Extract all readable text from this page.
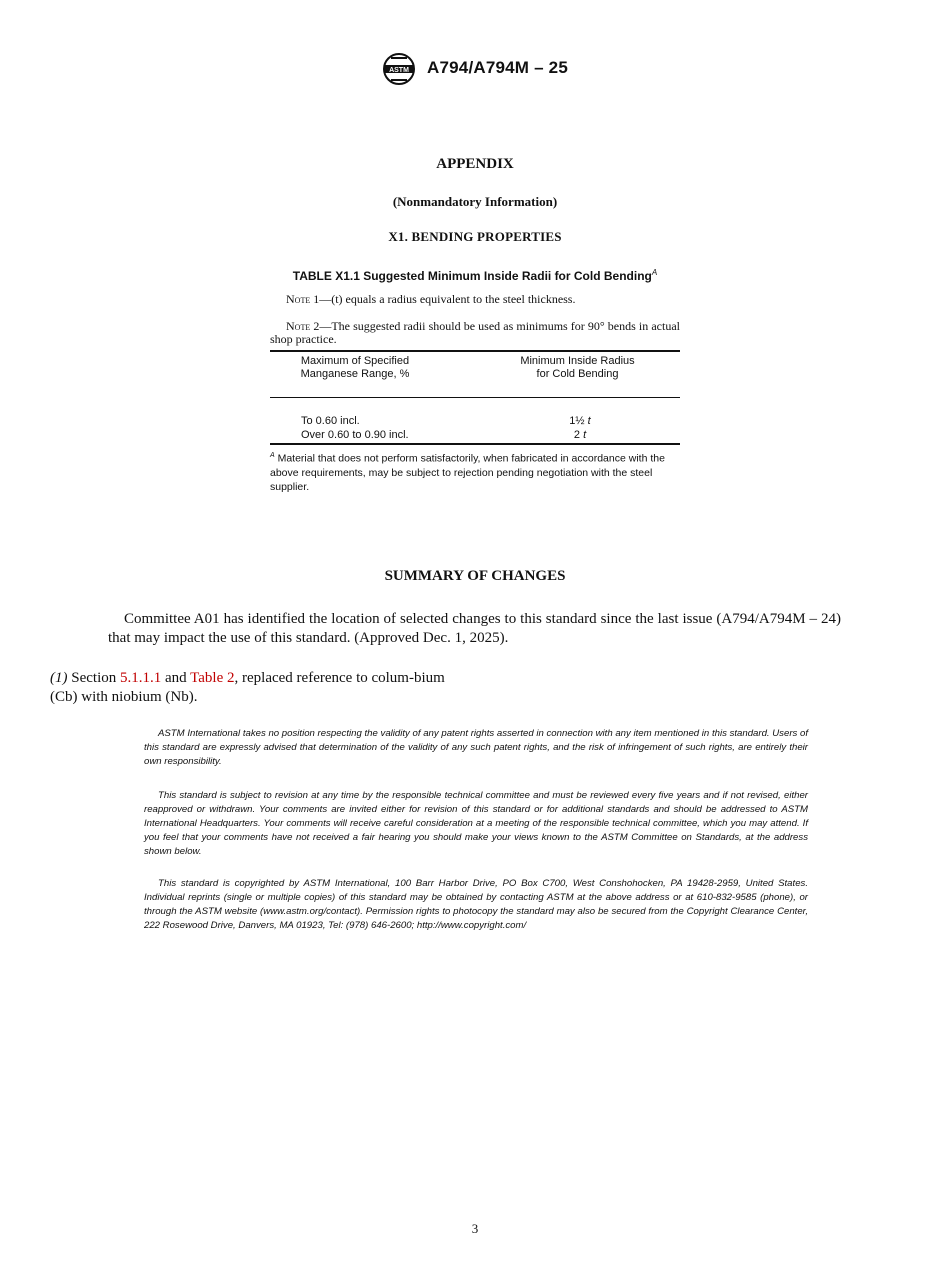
ASTM A794/A794M – 25
APPENDIX
(Nonmandatory Information)
X1. BENDING PROPERTIES
TABLE X1.1 Suggested Minimum Inside Radii for Cold Bending$^A$
Note 1—(t) equals a radius equivalent to the steel thickness.
Note 2—The suggested radii should be used as minimums for 90° bends in actual shop practice.
Maximum of Specified
Manganese Range, %
Minimum Inside Radius
for Cold Bending
To 0.60 incl.	1½ t
Over 0.60 to 0.90 incl.	2 t
$^A$ Material that does not perform satisfactorily, when fabricated in accordance with the above requirements, may be subject to rejection pending negotiation with the steel supplier.
SUMMARY OF CHANGES
Committee A01 has identified the location of selected changes to this standard since the last issue (A794/A794M – 24) that may impact the use of this standard. (Approved Dec. 1, 2025).
(1) Section 5.1.1.1 and Table 2, replaced reference to colum-bium (Cb) with niobium (Nb).
ASTM International takes no position respecting the validity of any patent rights asserted in connection with any item mentioned in this standard. Users of this standard are expressly advised that determination of the validity of any such patent rights, and the risk of infringement of such rights, are entirely their own responsibility.
This standard is subject to revision at any time by the responsible technical committee and must be reviewed every five years and if not revised, either reapproved or withdrawn. Your comments are invited either for revision of this standard or for additional standards and should be addressed to ASTM International Headquarters. Your comments will receive careful consideration at a meeting of the responsible technical committee, which you may attend. If you feel that your comments have not received a fair hearing you should make your views known to the ASTM Committee on Standards, at the address shown below.
This standard is copyrighted by ASTM International, 100 Barr Harbor Drive, PO Box C700, West Conshohocken, PA 19428-2959, United States. Individual reprints (single or multiple copies) of this standard may be obtained by contacting ASTM at the above address or at 610-832-9585 (phone), or through the ASTM website (www.astm.org/contact). Permission rights to photocopy the standard may also be secured from the Copyright Clearance Center, 222 Rosewood Drive, Danvers, MA 01923, Tel: (978) 646-2600; http://www.copyright.com/
3
